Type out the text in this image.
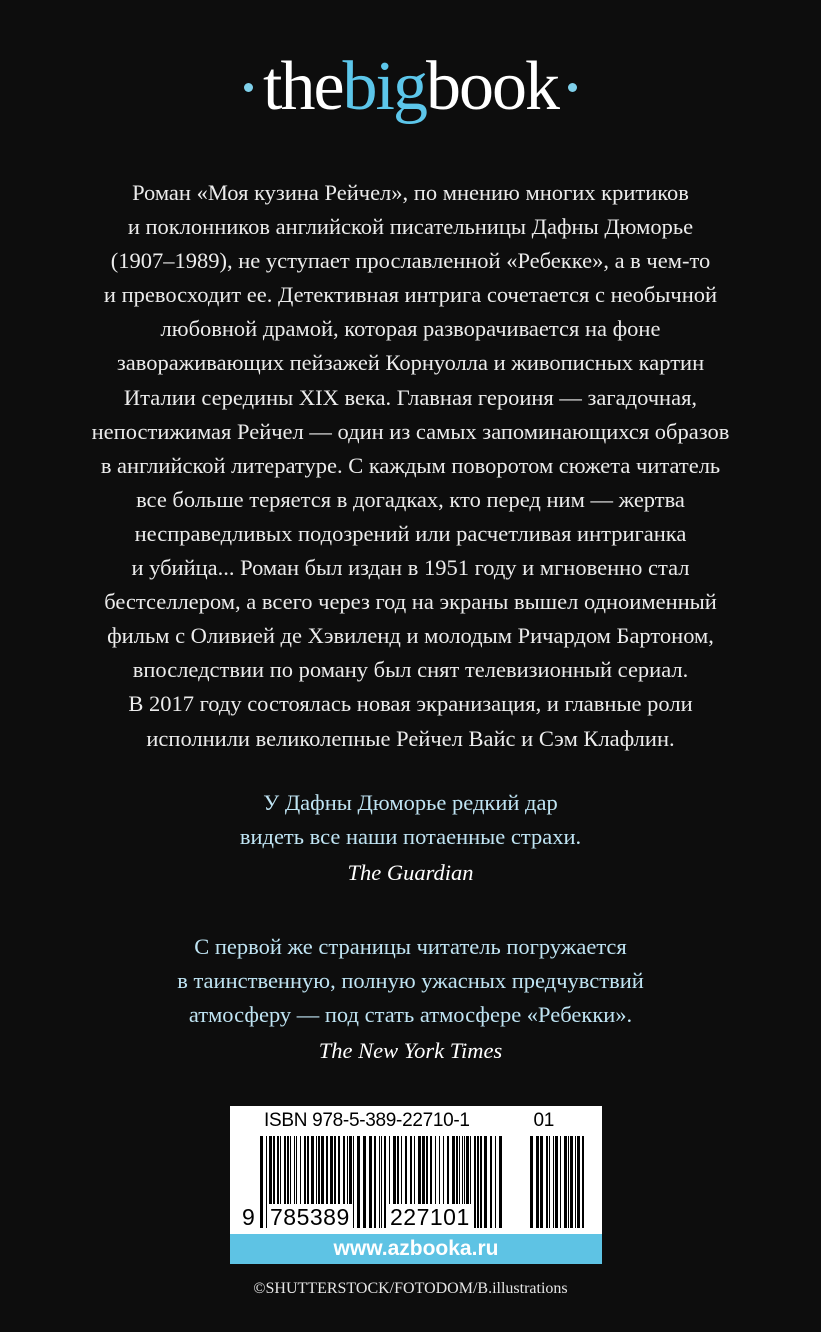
thebigbook
Роман «Моя кузина Рейчел», по мнению многих критиков
и поклонников английской писательницы Дафны Дюморье
(1907–1989), не уступает прославленной «Ребекке», а в чем-то
и превосходит ее. Детективная интрига сочетается с необычной
любовной драмой, которая разворачивается на фоне
завораживающих пейзажей Корнуолла и живописных картин
Италии середины XIX века. Главная героиня — загадочная,
непостижимая Рейчел — один из самых запоминающихся образов
в английской литературе. С каждым поворотом сюжета читатель
все больше теряется в догадках, кто перед ним — жертва
несправедливых подозрений или расчетливая интриганка
и убийца... Роман был издан в 1951 году и мгновенно стал
бестселлером, а всего через год на экраны вышел одноименный
фильм с Оливией де Хэвиленд и молодым Ричардом Бартоном,
впоследствии по роману был снят телевизионный сериал.
В 2017 году состоялась новая экранизация, и главные роли
исполнили великолепные Рейчел Вайс и Сэм Клафлин.
У Дафны Дюморье редкий дар
видеть все наши потаенные страхи.
The Guardian
С первой же страницы читатель погружается
в таинственную, полную ужасных предчувствий
атмосферу — под стать атмосфере «Ребекки».
The New York Times
ISBN 978-5-389-22710-1	01
9 785389 227101
www.azbooka.ru
©SHUTTERSTOCK/FOTODOM/B.illustrations
